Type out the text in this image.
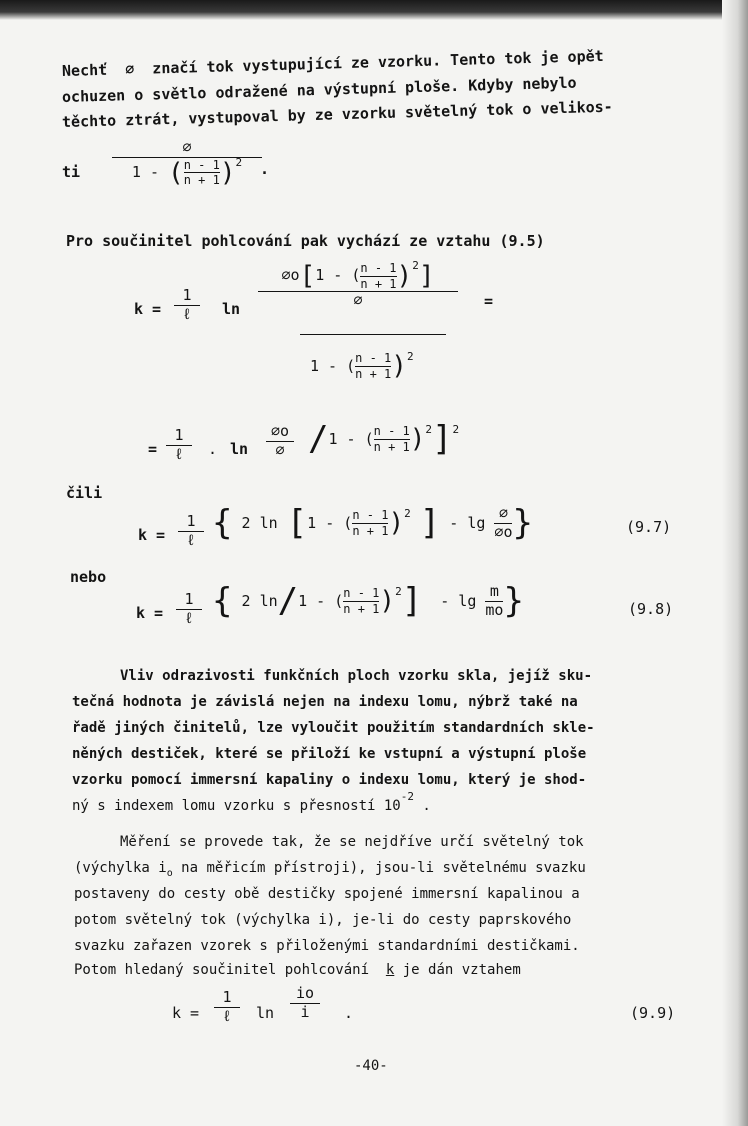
Nechť  ∅  značí tok vystupující ze vzorku. Tento tok je opět
ochuzen o světlo odražené na výstupní ploše. Kdyby nebylo
těchto ztrát, vystupoval by ze vzorku světelný tok o velikos-
ti
∅
1 - ( $\frac{n - 1}{n + 1}$ ) 2 .
Pro součinitel pohlcování pak vychází ze vztahu (9.5)
k =
1
ℓ ln
∅o [ 1 - ( $\frac{n - 1}{n + 1}$ ) 2 ]
∅	=
1 - ( $\frac{n - 1}{n + 1}$ ) 2
=
1
ℓ . ln
∅o
∅ / 1 - ( $\frac{n - 1}{n + 1}$ ) 2 ] 2
čili
k =
1
ℓ {
2 ln
[ 1 - ( $\frac{n - 1}{n + 1}$ ) 2
] - lg
$\frac{\emptyset}{\emptyset o}$ }	(9.7)
nebo
k =
1
ℓ {
2 ln / 1 - ( $\frac{n - 1}{n + 1}$ ) 2 ] - lg
$\frac{m}{mo}$ }	(9.8)
Vliv odrazivosti funkčních ploch vzorku skla, jejíž sku-
tečná hodnota je závislá nejen na indexu lomu, nýbrž také na
řadě jiných činitelů, lze vyloučit použitím standardních skle-
něných destiček, které se přiloží ke vstupní a výstupní ploše
vzorku pomocí immersní kapaliny o indexu lomu, který je shod-
ný s indexem lomu vzorku s přesností $10^{-2}$ .
Měření se provede tak, že se nejdříve určí světelný tok
(výchylka $i_o$ na měřicím přístroji), jsou-li světelnému svazku
postaveny do cesty obě destičky spojené immersní kapalinou a
potom světelný tok (výchylka i), je-li do cesty paprskového
svazku zařazen vzorek s přiloženými standardními destičkami.
Potom hledaný součinitel pohlcování k je dán vztahem
k =
1
ℓ ln
io
i .	(9.9)
-40-
